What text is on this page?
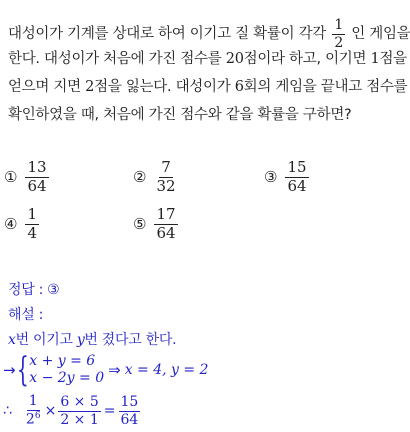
대성이가 기계를 상대로 하여 이기고 질 확률이 각각 $\frac{1}{2}$ 인 게임을
한다. 대성이가 처음에 가진 점수를 20점이라 하고, 이기면 1점을
얻으며 지면 2점을 잃는다. 대성이가 6회의 게임을 끝내고 점수를
확인하였을 때, 처음에 가진 점수와 같을 확률을 구하면?
① $\frac{13}{64}$	② $\frac{7}{32}$	③ $\frac{15}{64}$
④ $\frac{1}{4}$	⑤ $\frac{17}{64}$
정답 : ③
해설 :
x번 이기고 y번 졌다고 한다.
→ { x + y = 6
x − 2y = 0 ⇒ x = 4, y = 2
∴ $\frac{1}{2^6} \times \frac{6 \times 5}{2 \times 1} = \frac{15}{64}$
